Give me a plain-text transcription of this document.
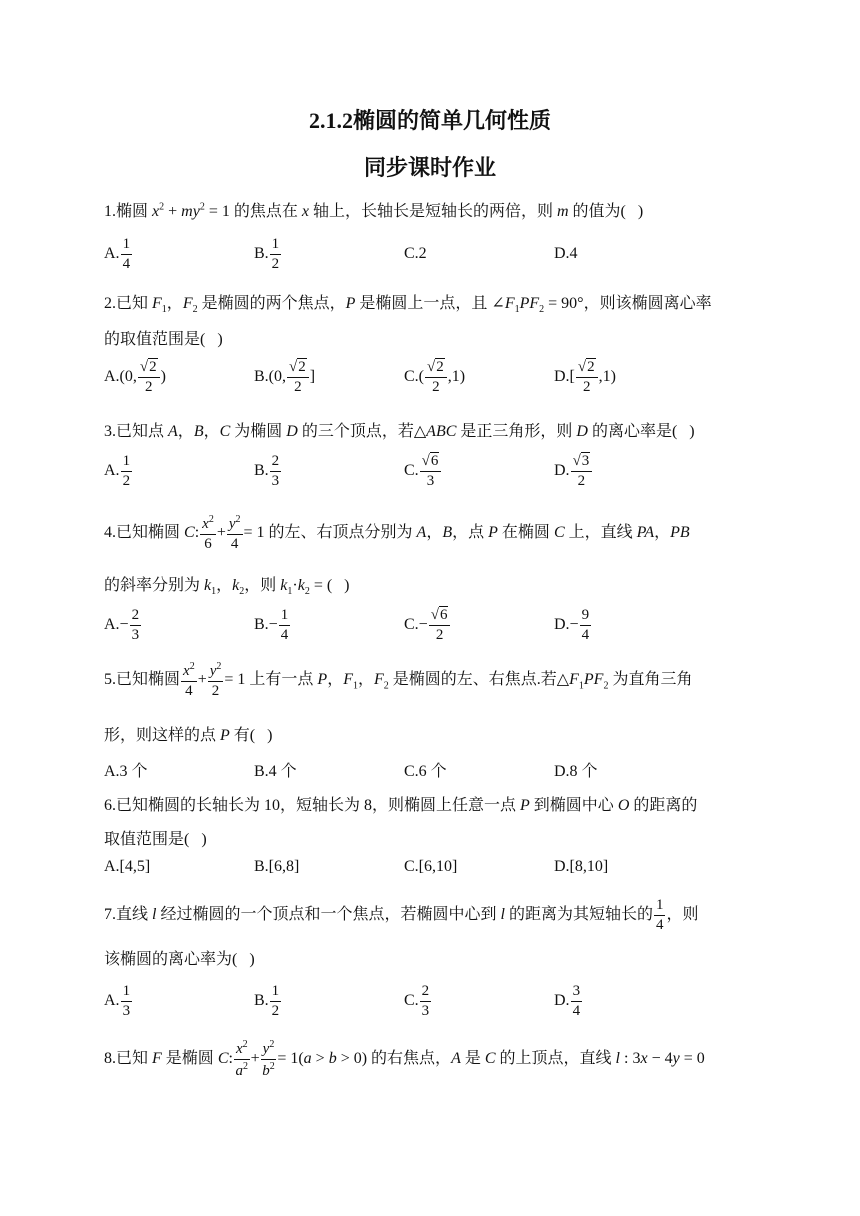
2.1.2椭圆的简单几何性质
同步课时作业
1.椭圆 $x^2 + my^2 = 1$ 的焦点在 x 轴上，长轴长是短轴长的两倍，则 m 的值为(   )
A. $\frac{1}{4}$	B. $\frac{1}{2}$	C.2	D.4
2.已知 $F_1$，$F_2$ 是椭圆的两个焦点，P 是椭圆上一点，且 $\angle F_1PF_2 = 90^\circ$，则该椭圆离心率
的取值范围是(   )
A.(0, $\frac{√2}{2}$ )	B.(0, $\frac{√2}{2}$ ]	$C.( \frac{√2}{2} ,1)$	$D.[ \frac{√2}{2} ,1)$
3.已知点 A，B，C 为椭圆 D 的三个顶点，若△ABC 是正三角形，则 D 的离心率是(   )
A. $\frac{1}{2}$	B. $\frac{2}{3}$	C. $\frac{√6}{3}$	D. $\frac{√3}{2}$
4.已知椭圆 C: $\frac{x^2}{6} + \frac{y^2}{4} = 1$ 的左、右顶点分别为 A，B，点 P 在椭圆 C 上，直线 PA，PB
的斜率分别为 $k_1$，$k_2$，则 $k_1\cdot k_2$ = (   )
$A.- \frac{2}{3}$	$B.- \frac{1}{4}$	$C.- \frac{√6}{2}$	$D.- \frac{9}{4}$
5.已知椭圆 $\frac{x^2}{4} + \frac{y^2}{2} = 1$ 上有一点 P，$F_1$，$F_2$ 是椭圆的左、右焦点.若$\triangle F_1PF_2$ 为直角三角
形，则这样的点 P 有(   )
A.3 个	B.4 个	C.6 个	D.8 个
6.已知椭圆的长轴长为 10，短轴长为 8，则椭圆上任意一点 P 到椭圆中心 O 的距离的
取值范围是(   )
A.[4,5]	B.[6,8]	C.[6,10]	D.[8,10]
7.直线 l 经过椭圆的一个顶点和一个焦点，若椭圆中心到 l 的距离为其短轴长的 $\frac{1}{4}$ ，则
该椭圆的离心率为(   )
A. $\frac{1}{3}$	B. $\frac{1}{2}$	C. $\frac{2}{3}$	D. $\frac{3}{4}$
8.已知 F 是椭圆 C: $\frac{x^2}{a^2} + \frac{y^2}{b^2} = 1(a > b > 0)$ 的右焦点，A 是 C 的上顶点，直线 l : 3x − 4y = 0
